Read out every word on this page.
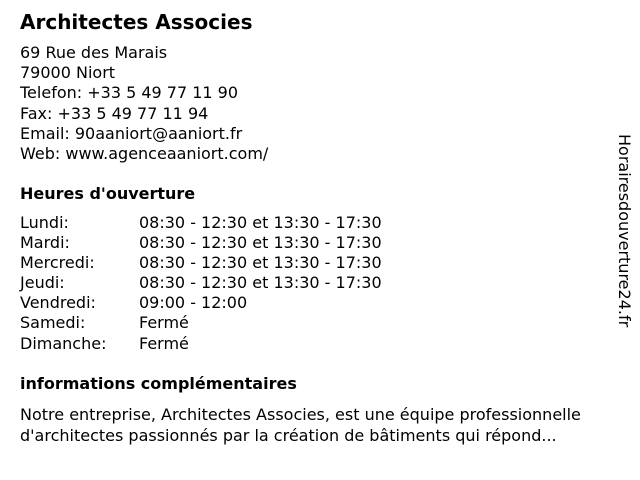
Architectes Associes
69 Rue des Marais
79000 Niort
Telefon: +33 5 49 77 11 90
Fax: +33 5 49 77 11 94
Email: 90aaniort@aaniort.fr
Web: www.agenceaaniort.com/
Heures d'ouverture
Lundi:	08:30 - 12:30 et 13:30 - 17:30
Mardi:	08:30 - 12:30 et 13:30 - 17:30
Mercredi:	08:30 - 12:30 et 13:30 - 17:30
Jeudi:	08:30 - 12:30 et 13:30 - 17:30
Vendredi:	09:00 - 12:00
Samedi:	Fermé
Dimanche: Fermé
informations complémentaires
Notre entreprise, Architectes Associes, est une équipe professionnelle
d'architectes passionnés par la création de bâtiments qui répond...
Horairesdouverture24.fr
